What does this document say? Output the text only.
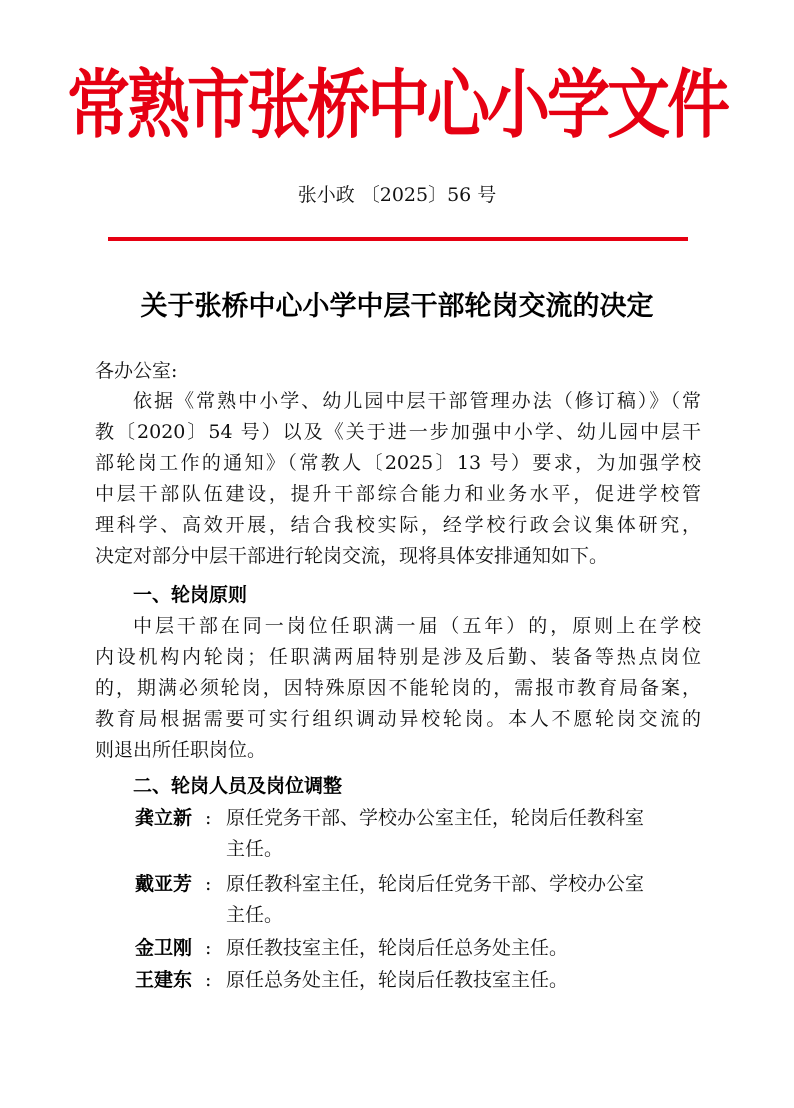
常熟市张桥中心小学文件
张小政 〔2025〕56 号
关于张桥中心小学中层干部轮岗交流的决定
各办公室:
依据《常熟中小学、幼儿园中层干部管理办法（修订稿）》（常
教〔2020〕54 号）以及《关于进一步加强中小学、幼儿园中层干
部轮岗工作的通知》（常教人〔2025〕13 号）要求，为加强学校
中层干部队伍建设，提升干部综合能力和业务水平，促进学校管
理科学、高效开展，结合我校实际，经学校行政会议集体研究，
决定对部分中层干部进行轮岗交流，现将具体安排通知如下。
一、轮岗原则
中层干部在同一岗位任职满一届（五年）的，原则上在学校
内设机构内轮岗；任职满两届特别是涉及后勤、装备等热点岗位
的，期满必须轮岗，因特殊原因不能轮岗的，需报市教育局备案，
教育局根据需要可实行组织调动异校轮岗。本人不愿轮岗交流的
则退出所任职岗位。
二、轮岗人员及岗位调整
龚立新 : 原任党务干部、学校办公室主任，轮岗后任教科室
主任。
戴亚芳 : 原任教科室主任，轮岗后任党务干部、学校办公室
主任。
金卫刚 : 原任教技室主任，轮岗后任总务处主任。
王建东 : 原任总务处主任，轮岗后任教技室主任。
